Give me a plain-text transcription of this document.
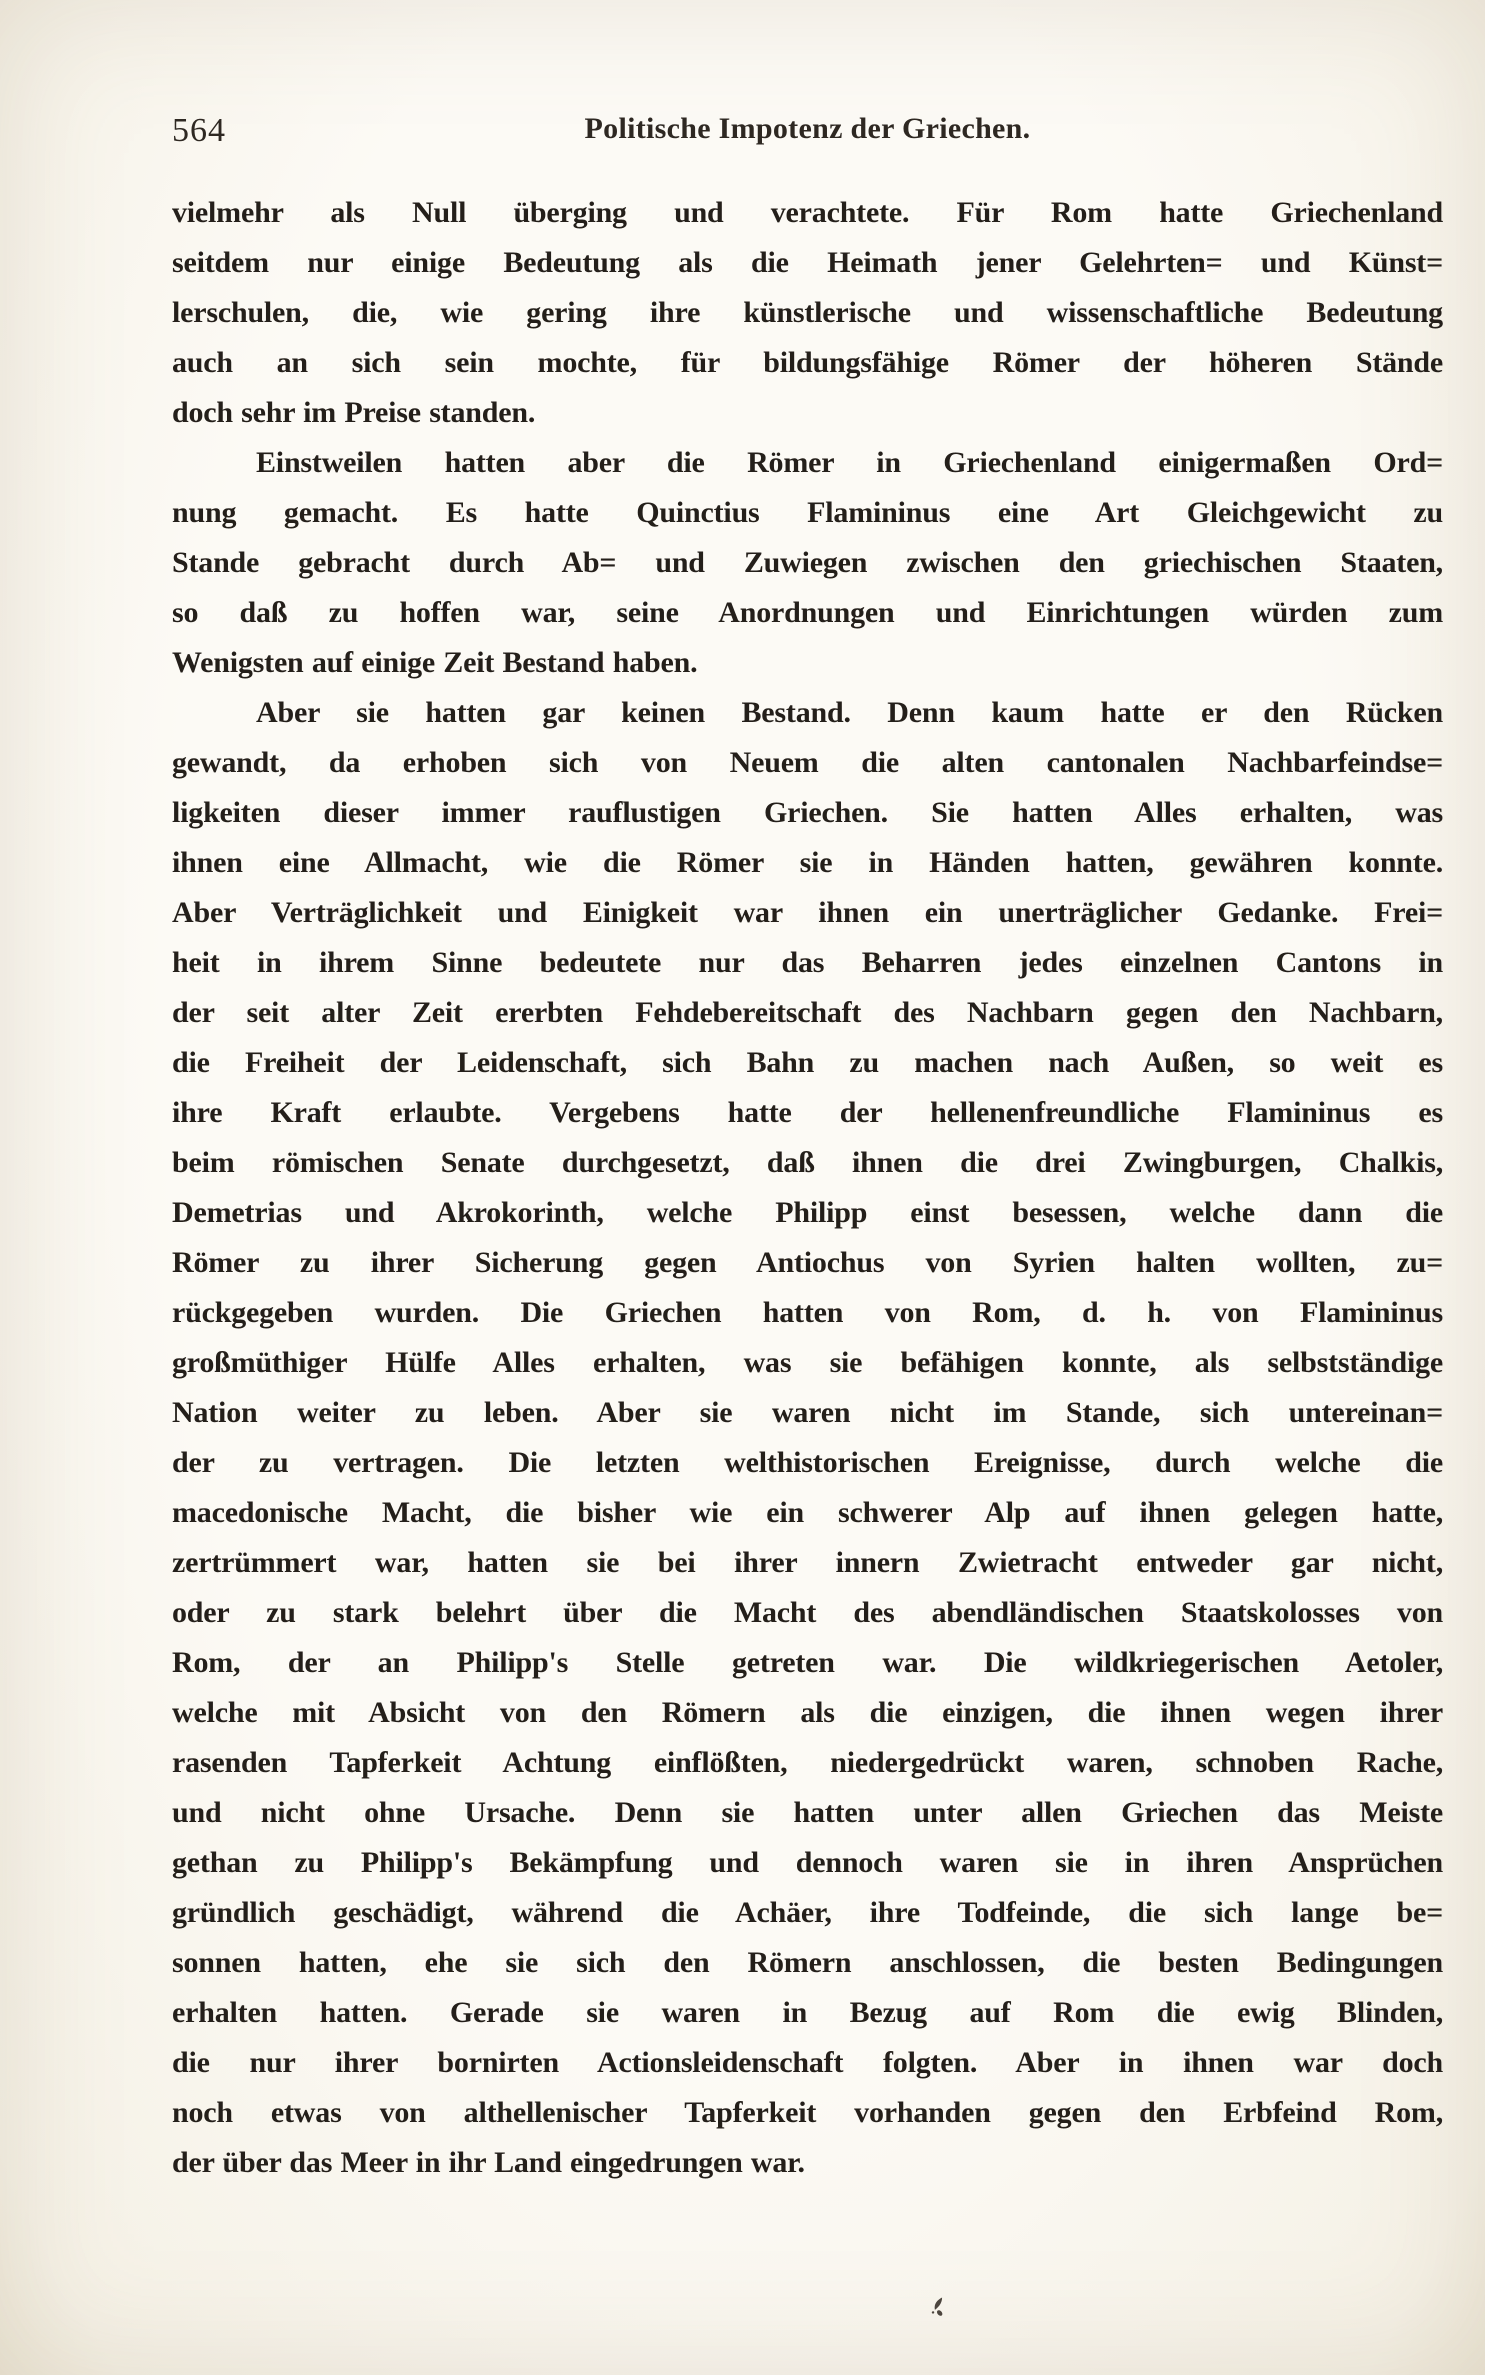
564	Politische Impotenz der Griechen.
vielmehr als Null überging und verachtete. Für Rom hatte Griechenland
seitdem nur einige Bedeutung als die Heimath jener Gelehrten= und Künst=
lerschulen, die, wie gering ihre künstlerische und wissenschaftliche Bedeutung
auch an sich sein mochte, für bildungsfähige Römer der höheren Stände
doch sehr im Preise standen.
Einstweilen hatten aber die Römer in Griechenland einigermaßen Ord=
nung gemacht. Es hatte Quinctius Flamininus eine Art Gleichgewicht zu
Stande gebracht durch Ab= und Zuwiegen zwischen den griechischen Staaten,
so daß zu hoffen war, seine Anordnungen und Einrichtungen würden zum
Wenigsten auf einige Zeit Bestand haben.
Aber sie hatten gar keinen Bestand. Denn kaum hatte er den Rücken
gewandt, da erhoben sich von Neuem die alten cantonalen Nachbarfeindse=
ligkeiten dieser immer rauflustigen Griechen. Sie hatten Alles erhalten, was
ihnen eine Allmacht, wie die Römer sie in Händen hatten, gewähren konnte.
Aber Verträglichkeit und Einigkeit war ihnen ein unerträglicher Gedanke. Frei=
heit in ihrem Sinne bedeutete nur das Beharren jedes einzelnen Cantons in
der seit alter Zeit ererbten Fehdebereitschaft des Nachbarn gegen den Nachbarn,
die Freiheit der Leidenschaft, sich Bahn zu machen nach Außen, so weit es
ihre Kraft erlaubte. Vergebens hatte der hellenenfreundliche Flamininus es
beim römischen Senate durchgesetzt, daß ihnen die drei Zwingburgen, Chalkis,
Demetrias und Akrokorinth, welche Philipp einst besessen, welche dann die
Römer zu ihrer Sicherung gegen Antiochus von Syrien halten wollten, zu=
rückgegeben wurden. Die Griechen hatten von Rom, d. h. von Flamininus
großmüthiger Hülfe Alles erhalten, was sie befähigen konnte, als selbstständige
Nation weiter zu leben. Aber sie waren nicht im Stande, sich untereinan=
der zu vertragen. Die letzten welthistorischen Ereignisse, durch welche die
macedonische Macht, die bisher wie ein schwerer Alp auf ihnen gelegen hatte,
zertrümmert war, hatten sie bei ihrer innern Zwietracht entweder gar nicht,
oder zu stark belehrt über die Macht des abendländischen Staatskolosses von
Rom, der an Philipp's Stelle getreten war. Die wildkriegerischen Aetoler,
welche mit Absicht von den Römern als die einzigen, die ihnen wegen ihrer
rasenden Tapferkeit Achtung einflößten, niedergedrückt waren, schnoben Rache,
und nicht ohne Ursache. Denn sie hatten unter allen Griechen das Meiste
gethan zu Philipp's Bekämpfung und dennoch waren sie in ihren Ansprüchen
gründlich geschädigt, während die Achäer, ihre Todfeinde, die sich lange be=
sonnen hatten, ehe sie sich den Römern anschlossen, die besten Bedingungen
erhalten hatten. Gerade sie waren in Bezug auf Rom die ewig Blinden,
die nur ihrer bornirten Actionsleidenschaft folgten. Aber in ihnen war doch
noch etwas von althellenischer Tapferkeit vorhanden gegen den Erbfeind Rom,
der über das Meer in ihr Land eingedrungen war.
